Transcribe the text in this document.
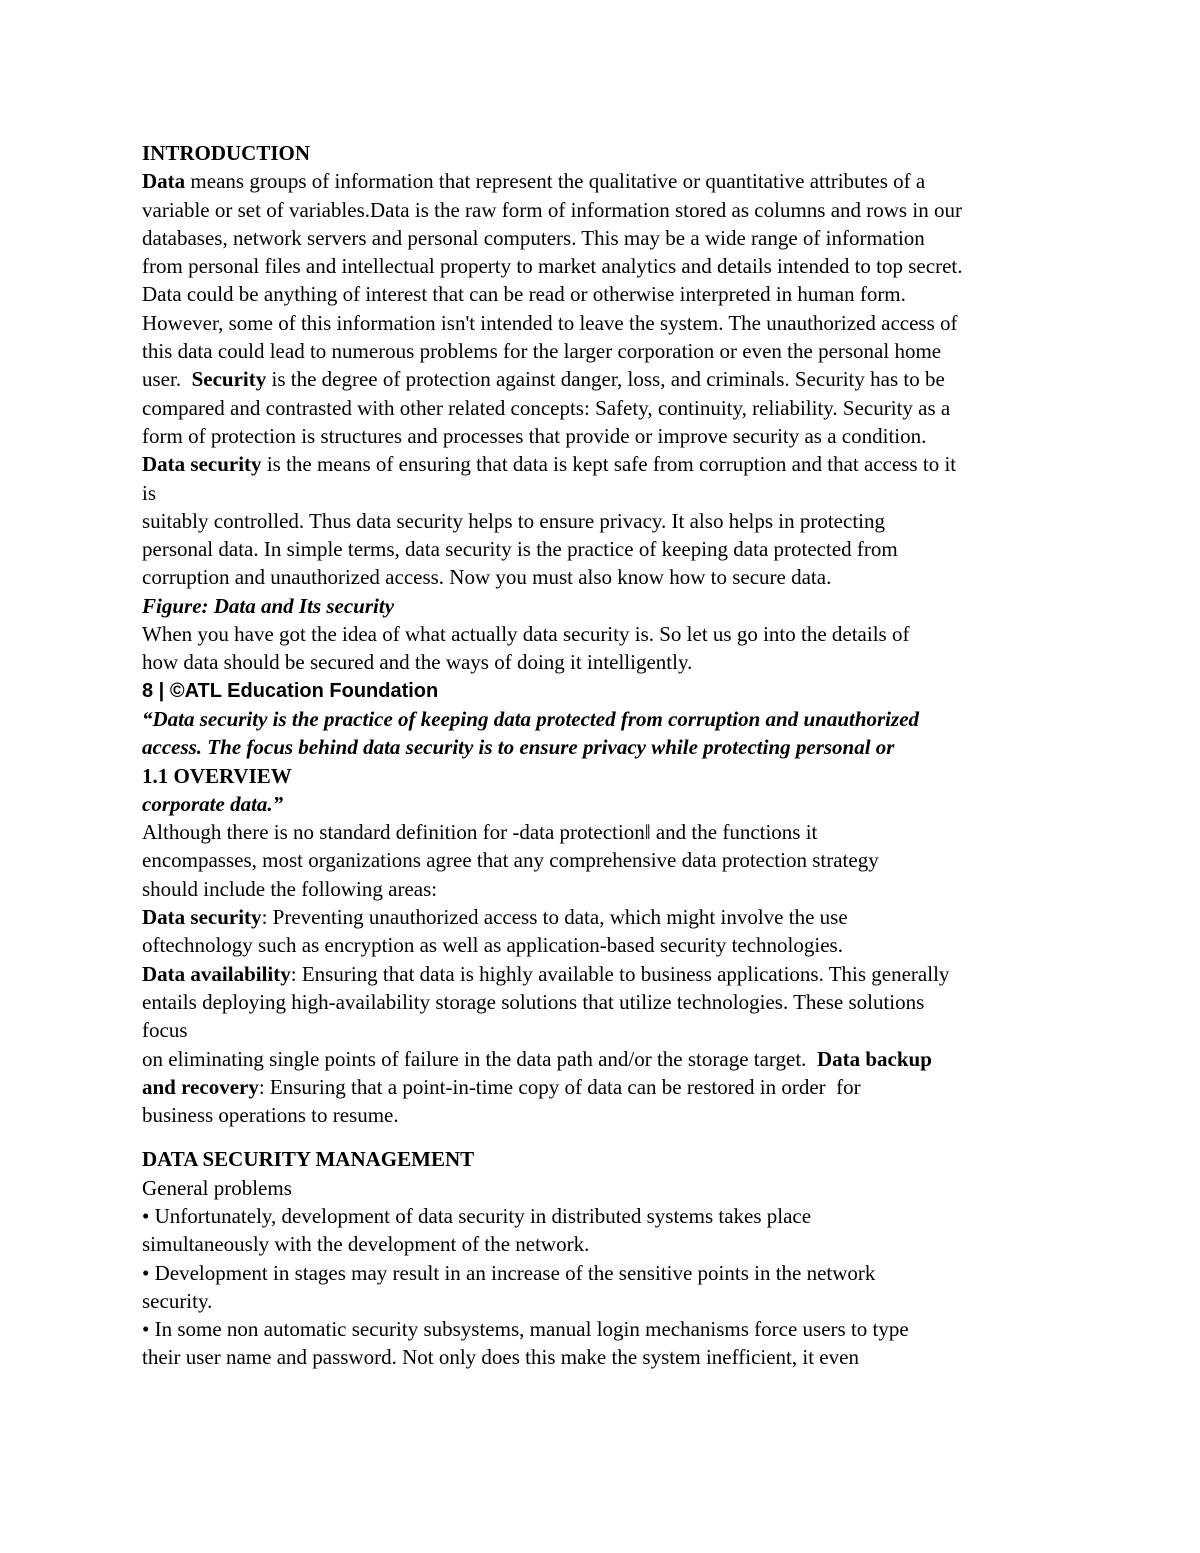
INTRODUCTION
Data means groups of information that represent the qualitative or quantitative attributes of a
variable or set of variables.Data is the raw form of information stored as columns and rows in our
databases, network servers and personal computers. This may be a wide range of information
from personal files and intellectual property to market analytics and details intended to top secret.
Data could be anything of interest that can be read or otherwise interpreted in human form.
However, some of this information isn't intended to leave the system. The unauthorized access of
this data could lead to numerous problems for the larger corporation or even the personal home
user.  Security is the degree of protection against danger, loss, and criminals. Security has to be
compared and contrasted with other related concepts: Safety, continuity, reliability. Security as a
form of protection is structures and processes that provide or improve security as a condition.
Data security is the means of ensuring that data is kept safe from corruption and that access to it
is
suitably controlled. Thus data security helps to ensure privacy. It also helps in protecting
personal data. In simple terms, data security is the practice of keeping data protected from
corruption and unauthorized access. Now you must also know how to secure data.
Figure: Data and Its security
When you have got the idea of what actually data security is. So let us go into the details of
how data should be secured and the ways of doing it intelligently.
8 | ©ATL Education Foundation
“Data security is the practice of keeping data protected from corruption and unauthorized
access. The focus behind data security is to ensure privacy while protecting personal or
1.1 OVERVIEW
corporate data.”
Although there is no standard definition for -data protectionǁ and the functions it
encompasses, most organizations agree that any comprehensive data protection strategy
should include the following areas:
Data security: Preventing unauthorized access to data, which might involve the use
oftechnology such as encryption as well as application-based security technologies.
Data availability: Ensuring that data is highly available to business applications. This generally
entails deploying high-availability storage solutions that utilize technologies. These solutions
focus
on eliminating single points of failure in the data path and/or the storage target.  Data backup
and recovery: Ensuring that a point-in-time copy of data can be restored in order  for
business operations to resume.
DATA SECURITY MANAGEMENT
General problems
• Unfortunately, development of data security in distributed systems takes place
simultaneously with the development of the network.
• Development in stages may result in an increase of the sensitive points in the network
security.
• In some non automatic security subsystems, manual login mechanisms force users to type
their user name and password. Not only does this make the system inefficient, it even
